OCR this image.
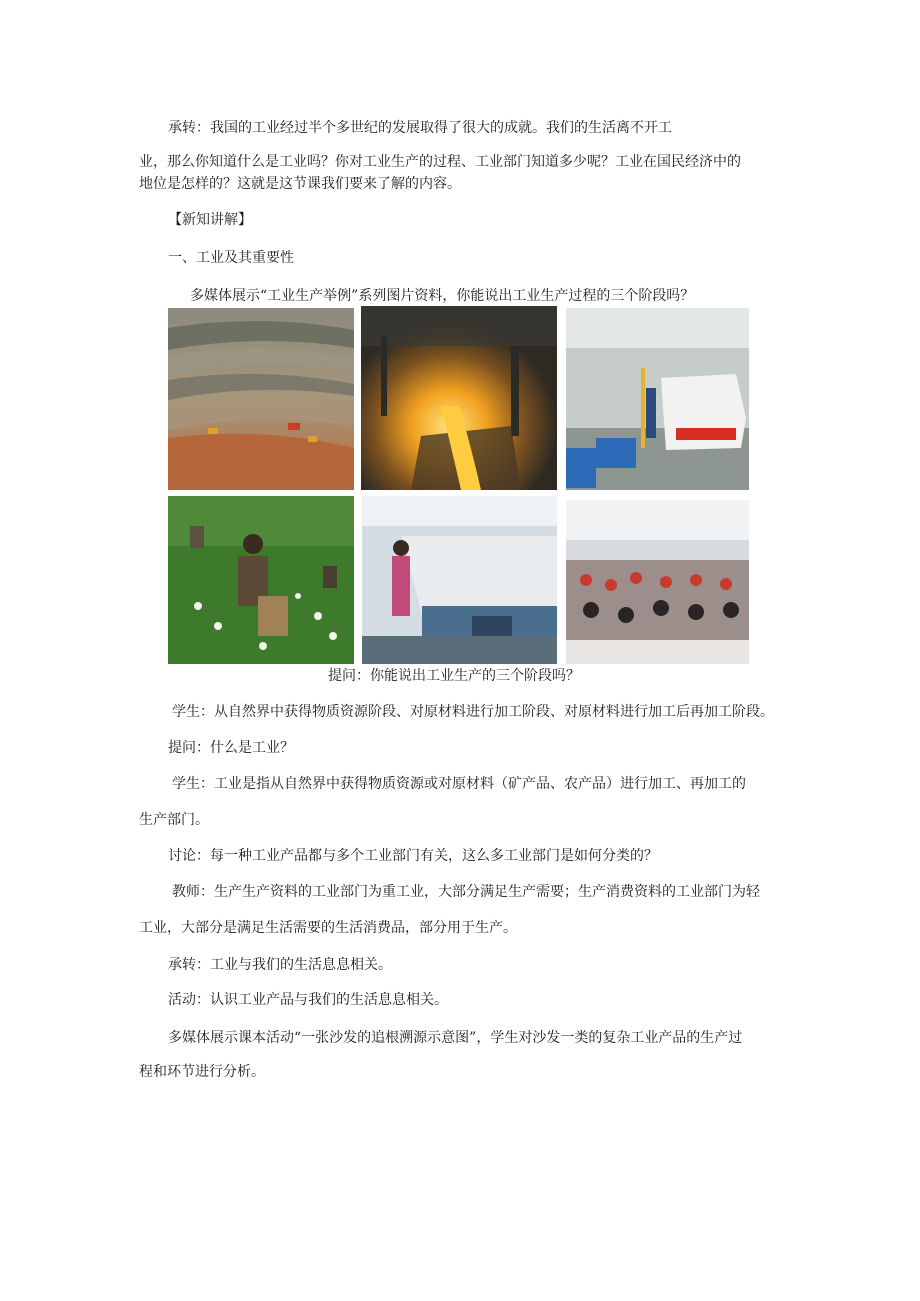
承转：我国的工业经过半个多世纪的发展取得了很大的成就。我们的生活离不开工
业，那么你知道什么是工业吗？你对工业生产的过程、工业部门知道多少呢？工业在国民经济中的
地位是怎样的？这就是这节课我们要来了解的内容。
【新知讲解】
一、工业及其重要性
多媒体展示“工业生产举例”系列图片资料，你能说出工业生产过程的三个阶段吗？
提问：你能说出工业生产的三个阶段吗？
学生：从自然界中获得物质资源阶段、对原材料进行加工阶段、对原材料进行加工后再加工阶段。
提问：什么是工业？
学生：工业是指从自然界中获得物质资源或对原材料（矿产品、农产品）进行加工、再加工的
生产部门。
讨论：每一种工业产品都与多个工业部门有关，这么多工业部门是如何分类的？
教师：生产生产资料的工业部门为重工业，大部分满足生产需要；生产消费资料的工业部门为轻
工业，大部分是满足生活需要的生活消费品，部分用于生产。
承转：工业与我们的生活息息相关。
活动：认识工业产品与我们的生活息息相关。
多媒体展示课本活动“一张沙发的追根溯源示意图”，学生对沙发一类的复杂工业产品的生产过
程和环节进行分析。
